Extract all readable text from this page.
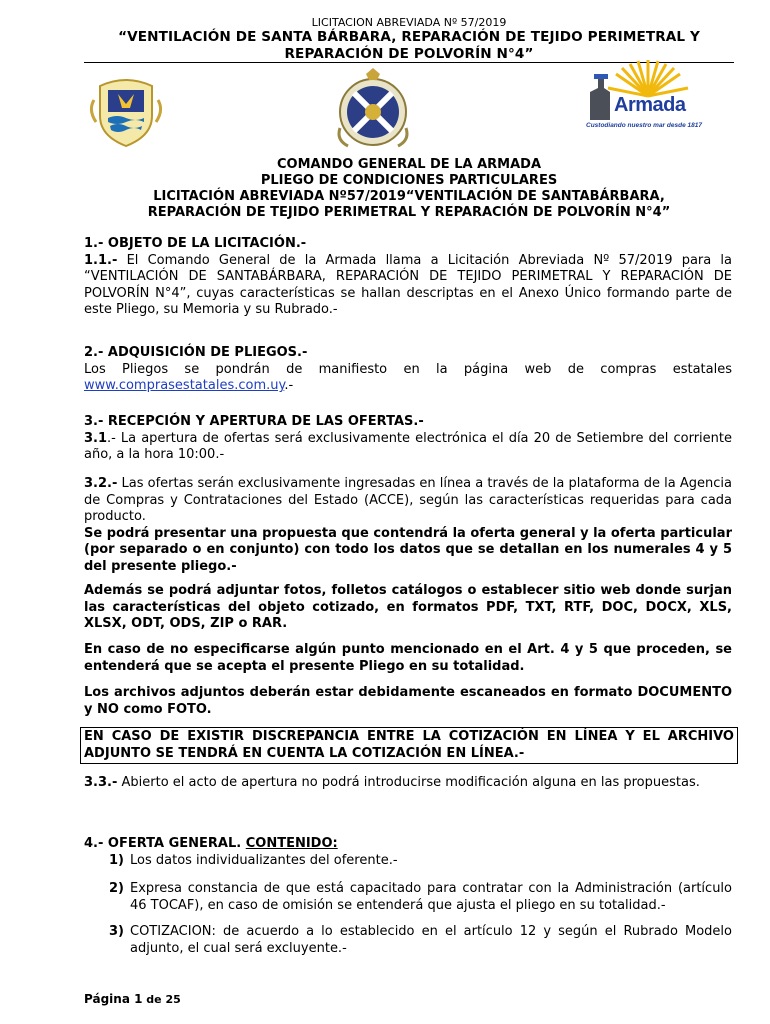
LICITACION ABREVIADA Nº 57/2019
“VENTILACIÓN DE SANTA BÁRBARA, REPARACIÓN DE TEJIDO PERIMETRAL Y
REPARACIÓN DE POLVORÍN N°4”
Armada
Custodiando nuestro mar desde 1817
COMANDO GENERAL DE LA ARMADA
PLIEGO DE CONDICIONES PARTICULARES
LICITACIÓN ABREVIADA Nº57/2019“VENTILACIÓN DE SANTABÁRBARA,
REPARACIÓN DE TEJIDO PERIMETRAL Y REPARACIÓN DE POLVORÍN N°4”
1.- OBJETO DE LA LICITACIÓN.-
1.1.- El Comando General de la Armada llama a Licitación Abreviada Nº 57/2019 para la “VENTILACIÓN DE SANTABÁRBARA, REPARACIÓN DE TEJIDO PERIMETRAL Y REPARACIÓN DE POLVORÍN N°4”, cuyas características se hallan descriptas en el Anexo Único formando parte de este Pliego, su Memoria y su Rubrado.-
2.- ADQUISICIÓN DE PLIEGOS.-
Los Pliegos se pondrán de manifiesto en la página web de compras estatales www.comprasestatales.com.uy.-
3.- RECEPCIÓN Y APERTURA DE LAS OFERTAS.-
3.1.- La apertura de ofertas será exclusivamente electrónica el día 20 de Setiembre del corriente año, a la hora 10:00.-
3.2.- Las ofertas serán exclusivamente ingresadas en línea a través de la plataforma de la Agencia de Compras y Contrataciones del Estado (ACCE), según las características requeridas para cada producto.
Se podrá presentar una propuesta que contendrá la oferta general y la oferta particular (por separado o en conjunto) con todo los datos que se detallan en los numerales 4 y 5 del presente pliego.-
Además se podrá adjuntar fotos, folletos catálogos o establecer sitio web donde surjan las características del objeto cotizado, en formatos PDF, TXT, RTF, DOC, DOCX, XLS, XLSX, ODT, ODS, ZIP o RAR.
En caso de no especificarse algún punto mencionado en el Art. 4 y 5 que proceden, se entenderá que se acepta el presente Pliego en su totalidad.
Los archivos adjuntos deberán estar debidamente escaneados en formato DOCUMENTO y NO como FOTO.
EN CASO DE EXISTIR DISCREPANCIA ENTRE LA COTIZACIÓN EN LÍNEA Y EL ARCHIVO ADJUNTO SE TENDRÁ EN CUENTA LA COTIZACIÓN EN LÍNEA.-
3.3.- Abierto el acto de apertura no podrá introducirse modificación alguna en las propuestas.
4.- OFERTA GENERAL. CONTENIDO:
1) Los datos individualizantes del oferente.-
2) Expresa constancia de que está capacitado para contratar con la Administración (artículo 46 TOCAF), en caso de omisión se entenderá que ajusta el pliego en su totalidad.-
3) COTIZACION: de acuerdo a lo establecido en el artículo 12 y según el Rubrado Modelo adjunto, el cual será excluyente.-
Página 1 de 25
